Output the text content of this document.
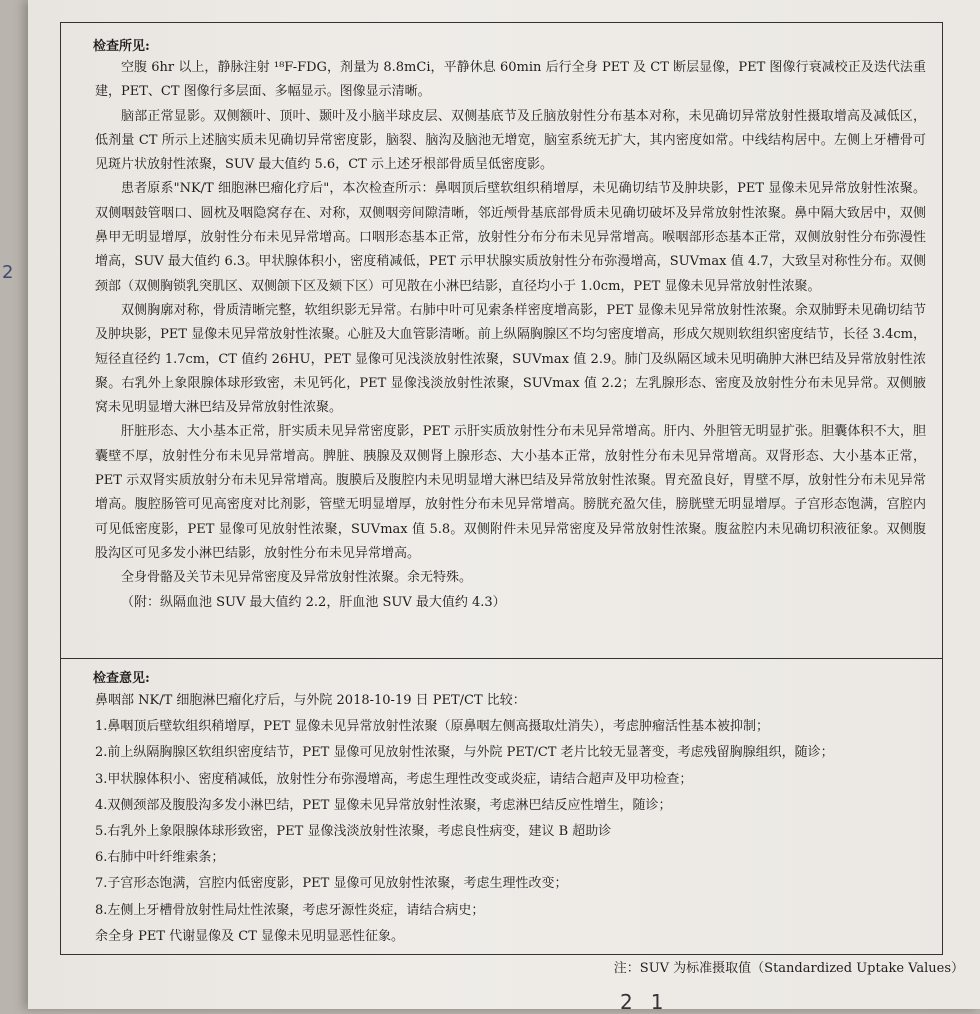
2
检查所见:

空腹 6hr 以上，静脉注射 ¹⁸F-FDG，剂量为 8.8mCi，平静休息 60min 后行全身 PET 及 CT 断层显像，PET 图像行衰减校正及迭代法重建，PET、CT 图像行多层面、多幅显示。图像显示清晰。

脑部正常显影。双侧额叶、顶叶、颞叶及小脑半球皮层、双侧基底节及丘脑放射性分布基本对称，未见确切异常放射性摄取增高及减低区，低剂量 CT 所示上述脑实质未见确切异常密度影，脑裂、脑沟及脑池无增宽，脑室系统无扩大，其内密度如常。中线结构居中。左侧上牙槽骨可见斑片状放射性浓聚，SUV 最大值约 5.6，CT 示上述牙根部骨质呈低密度影。

患者原系"NK/T 细胞淋巴瘤化疗后"，本次检查所示：鼻咽顶后壁软组织稍增厚，未见确切结节及肿块影，PET 显像未见异常放射性浓聚。双侧咽鼓管咽口、圆枕及咽隐窝存在、对称，双侧咽旁间隙清晰，邻近颅骨基底部骨质未见确切破坏及异常放射性浓聚。鼻中隔大致居中，双侧鼻甲无明显增厚，放射性分布未见异常增高。口咽形态基本正常，放射性分布分布未见异常增高。喉咽部形态基本正常，双侧放射性分布弥漫性增高，SUV 最大值约 6.3。甲状腺体积小，密度稍减低，PET 示甲状腺实质放射性分布弥漫增高，SUVmax 值 4.7，大致呈对称性分布。双侧颈部（双侧胸锁乳突肌区、双侧颌下区及颏下区）可见散在小淋巴结影，直径均小于 1.0cm，PET 显像未见异常放射性浓聚。

双侧胸廓对称，骨质清晰完整，软组织影无异常。右肺中叶可见索条样密度增高影，PET 显像未见异常放射性浓聚。余双肺野未见确切结节及肿块影，PET 显像未见异常放射性浓聚。心脏及大血管影清晰。前上纵隔胸腺区不均匀密度增高，形成欠规则软组织密度结节，长径 3.4cm，短径直径约 1.7cm，CT 值约 26HU，PET 显像可见浅淡放射性浓聚，SUVmax 值 2.9。肺门及纵隔区域未见明确肿大淋巴结及异常放射性浓聚。右乳外上象限腺体球形致密，未见钙化，PET 显像浅淡放射性浓聚，SUVmax 值 2.2；左乳腺形态、密度及放射性分布未见异常。双侧腋窝未见明显增大淋巴结及异常放射性浓聚。

肝脏形态、大小基本正常，肝实质未见异常密度影，PET 示肝实质放射性分布未见异常增高。肝内、外胆管无明显扩张。胆囊体积不大，胆囊壁不厚，放射性分布未见异常增高。脾脏、胰腺及双侧肾上腺形态、大小基本正常，放射性分布未见异常增高。双肾形态、大小基本正常，PET 示双肾实质放射分布未见异常增高。腹膜后及腹腔内未见明显增大淋巴结及异常放射性浓聚。胃充盈良好，胃壁不厚，放射性分布未见异常增高。腹腔肠管可见高密度对比剂影，管壁无明显增厚，放射性分布未见异常增高。膀胱充盈欠佳，膀胱壁无明显增厚。子宫形态饱满，宫腔内可见低密度影，PET 显像可见放射性浓聚，SUVmax 值 5.8。双侧附件未见异常密度及异常放射性浓聚。腹盆腔内未见确切积液征象。双侧腹股沟区可见多发小淋巴结影，放射性分布未见异常增高。

全身骨骼及关节未见异常密度及异常放射性浓聚。余无特殊。

（附：纵隔血池 SUV 最大值约 2.2，肝血池 SUV 最大值约 4.3）

检查意见:

鼻咽部 NK/T 细胞淋巴瘤化疗后，与外院 2018-10-19 日 PET/CT 比较：

1.鼻咽顶后壁软组织稍增厚，PET 显像未见异常放射性浓聚（原鼻咽左侧高摄取灶消失），考虑肿瘤活性基本被抑制；

2.前上纵隔胸腺区软组织密度结节，PET 显像可见放射性浓聚，与外院 PET/CT 老片比较无显著变，考虑残留胸腺组织，随诊；

3.甲状腺体积小、密度稍减低，放射性分布弥漫增高，考虑生理性改变或炎症，请结合超声及甲功检查；

4.双侧颈部及腹股沟多发小淋巴结，PET 显像未见异常放射性浓聚，考虑淋巴结反应性增生，随诊；

5.右乳外上象限腺体球形致密，PET 显像浅淡放射性浓聚，考虑良性病变，建议 B 超助诊

6.右肺中叶纤维索条；

7.子宫形态饱满，宫腔内低密度影，PET 显像可见放射性浓聚，考虑生理性改变；

8.左侧上牙槽骨放射性局灶性浓聚，考虑牙源性炎症，请结合病史；

余全身 PET 代谢显像及 CT 显像未见明显恶性征象。

注：SUV 为标准摄取值（Standardized Uptake Values）
21
